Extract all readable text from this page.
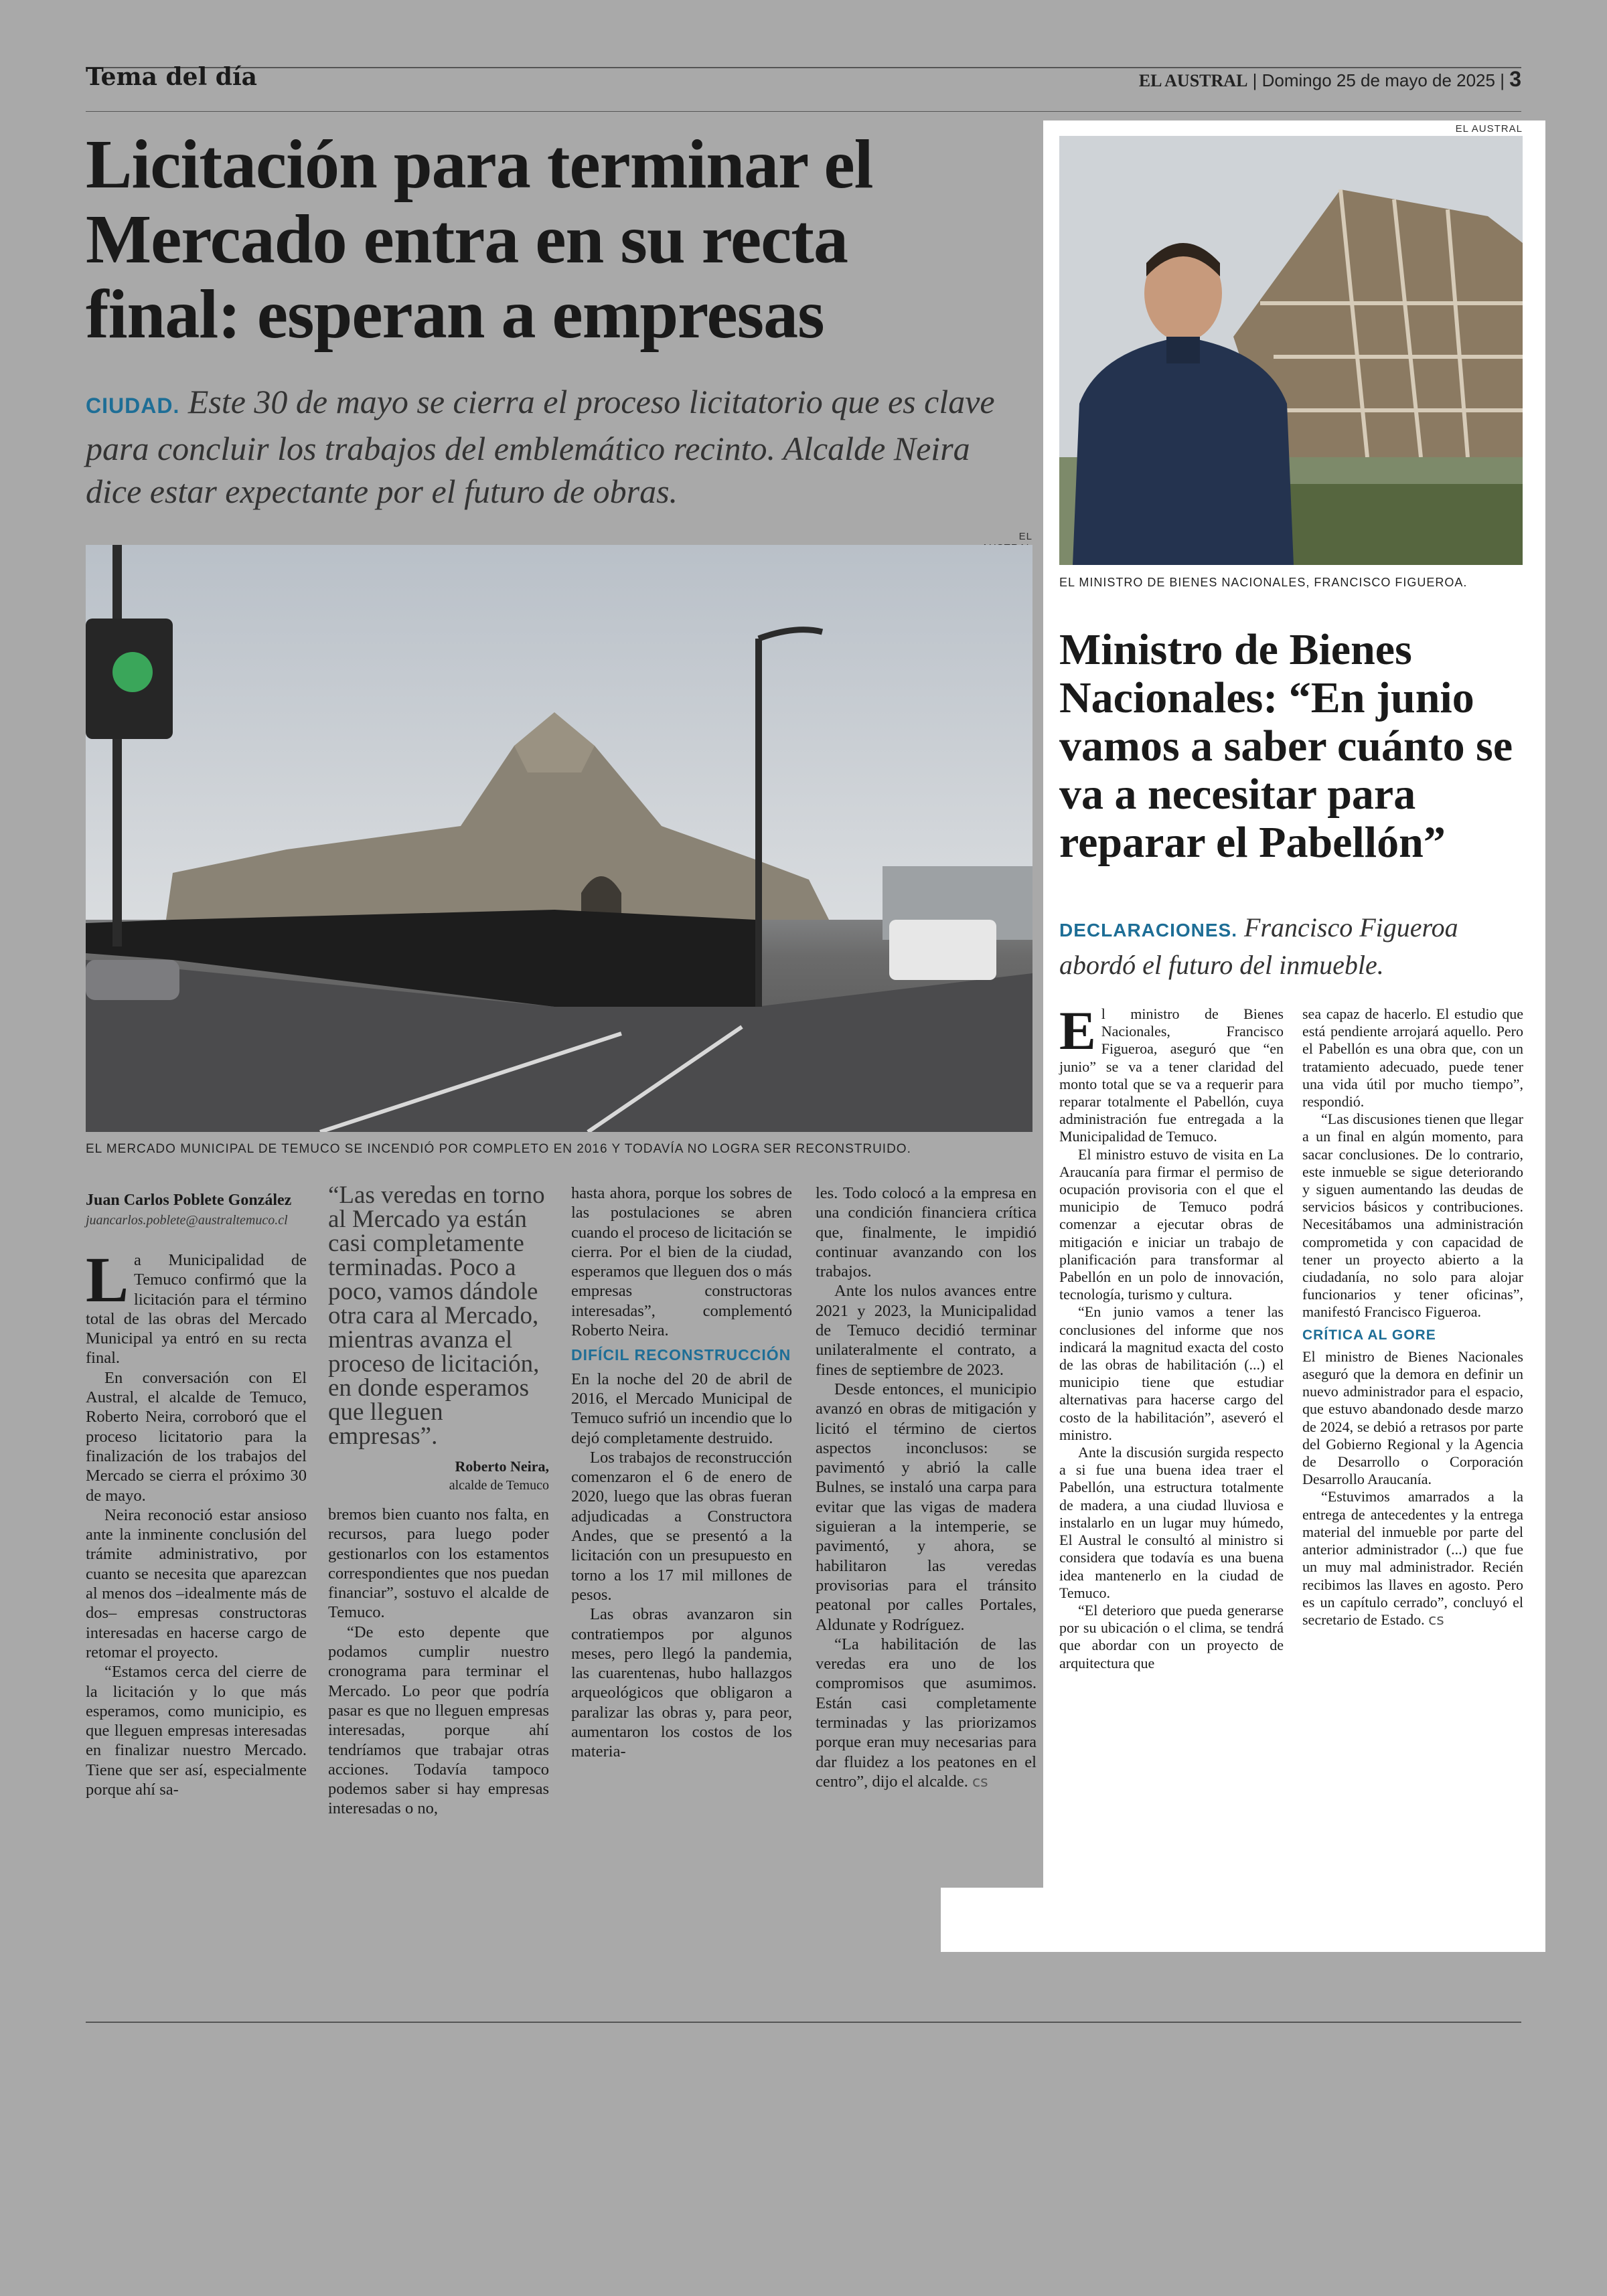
Tema del día	EL AUSTRAL | Domingo 25 de mayo de 2025 | 3
Licitación para terminar el Mercado entra en su recta final: esperan a empresas
CIUDAD. Este 30 de mayo se cierra el proceso licitatorio que es clave para concluir los trabajos del emblemático recinto. Alcalde Neira dice estar expectante por el futuro de obras.
EL
EL MERCADO MUNICIPAL DE TEMUCO SE INCENDIÓ POR COMPLETO EN 2016 Y TODAVÍA NO LOGRA SER RECONSTRUIDO.
Juan Carlos Poblete González
juancarlos.poblete@australtemuco.cl

La Municipalidad de Temuco confirmó que la licitación para el término total de las obras del Mercado Municipal ya entró en su recta final.

En conversación con El Austral, el alcalde de Temuco, Roberto Neira, corroboró que el proceso licitatorio para la finalización de los trabajos del Mercado se cierra el próximo 30 de mayo.

Neira reconoció estar ansioso ante la inminente conclusión del trámite administrativo, por cuanto se necesita que aparezcan al menos dos –idealmente más de dos– empresas constructoras interesadas en hacerse cargo de retomar el proyecto.

“Estamos cerca del cierre de la licitación y lo que más esperamos, como municipio, es que lleguen empresas interesadas en finalizar nuestro Mercado. Tiene que ser así, especialmente porque ahí sa-

“Las veredas en torno al Mercado ya están casi completamente terminadas. Poco a poco, vamos dándole otra cara al Mercado, mientras avanza el proceso de licitación, en donde esperamos que lleguen empresas”.
Roberto Neira,
alcalde de Temuco

bremos bien cuanto nos falta, en recursos, para luego poder gestionarlos con los estamentos correspondientes que nos puedan financiar”, sostuvo el alcalde de Temuco.

“De esto depente que podamos cumplir nuestro cronograma para terminar el Mercado. Lo peor que podría pasar es que no lleguen empresas interesadas, porque ahí tendríamos que trabajar otras acciones. Todavía tampoco podemos saber si hay empresas interesadas o no,

hasta ahora, porque los sobres de las postulaciones se abren cuando el proceso de licitación se cierra. Por el bien de la ciudad, esperamos que lleguen dos o más empresas constructoras interesadas”, complementó Roberto Neira.

DIFÍCIL RECONSTRUCCIÓN

En la noche del 20 de abril de 2016, el Mercado Municipal de Temuco sufrió un incendio que lo dejó completamente destruido.

Los trabajos de reconstrucción comenzaron el 6 de enero de 2020, luego que las obras fueran adjudicadas a Constructora Andes, que se presentó a la licitación con un presupuesto en torno a los 17 mil millones de pesos.

Las obras avanzaron sin contratiempos por algunos meses, pero llegó la pandemia, las cuarentenas, hubo hallazgos arqueológicos que obligaron a paralizar las obras y, para peor, aumentaron los costos de los materia-

les. Todo colocó a la empresa en una condición financiera crítica que, finalmente, le impidió continuar avanzando con los trabajos.

Ante los nulos avances entre 2021 y 2023, la Municipalidad de Temuco decidió terminar unilateralmente el contrato, a fines de septiembre de 2023.

Desde entonces, el municipio avanzó en obras de mitigación y licitó el término de ciertos aspectos inconclusos: se pavimentó y abrió la calle Bulnes, se instaló una carpa para evitar que las vigas de madera siguieran a la intemperie, se pavimentó, y ahora, se habilitaron las veredas provisorias para el tránsito peatonal por calles Portales, Aldunate y Rodríguez.

“La habilitación de las veredas era uno de los compromisos que asumimos. Están casi completamente terminadas y las priorizamos porque eran muy necesarias para dar fluidez a los peatones en el centro”, dijo el alcalde. cs

EL AUSTRAL
EL MINISTRO DE BIENES NACIONALES, FRANCISCO FIGUEROA.
Ministro de Bienes Nacionales: “En junio vamos a saber cuánto se va a necesitar para reparar el Pabellón”
DECLARACIONES. Francisco Figueroa abordó el futuro del inmueble.

El ministro de Bienes Nacionales, Francisco Figueroa, aseguró que “en junio” se va a tener claridad del monto total que se va a requerir para reparar totalmente el Pabellón, cuya administración fue entregada a la Municipalidad de Temuco.

El ministro estuvo de visita en La Araucanía para firmar el permiso de ocupación provisoria con el que el municipio de Temuco podrá comenzar a ejecutar obras de mitigación e iniciar un trabajo de planificación para transformar al Pabellón en un polo de innovación, tecnología, turismo y cultura.

“En junio vamos a tener las conclusiones del informe que nos indicará la magnitud exacta del costo de las obras de habilitación (...) el municipio tiene que estudiar alternativas para hacerse cargo del costo de la habilitación”, aseveró el ministro.

Ante la discusión surgida respecto a si fue una buena idea traer el Pabellón, una estructura totalmente de madera, a una ciudad lluviosa e instalarlo en un lugar muy húmedo, El Austral le consultó al ministro si considera que todavía es una buena idea mantenerlo en la ciudad de Temuco.

“El deterioro que pueda generarse por su ubicación o el clima, se tendrá que abordar con un proyecto de arquitectura que

sea capaz de hacerlo. El estudio que está pendiente arrojará aquello. Pero el Pabellón es una obra que, con un tratamiento adecuado, puede tener una vida útil por mucho tiempo”, respondió.

“Las discusiones tienen que llegar a un final en algún momento, para sacar conclusiones. De lo contrario, este inmueble se sigue deteriorando y siguen aumentando las deudas de servicios básicos y contribuciones. Necesitábamos una administración comprometida y con capacidad de tener un proyecto abierto a la ciudadanía, no solo para alojar funcionarios y tener oficinas”, manifestó Francisco Figueroa.

CRÍTICA AL GORE

El ministro de Bienes Nacionales aseguró que la demora en definir un nuevo administrador para el espacio, que estuvo abandonado desde marzo de 2024, se debió a retrasos por parte del Gobierno Regional y la Agencia de Desarrollo o Corporación Desarrollo Araucanía.

“Estuvimos amarrados a la entrega de antecedentes y la entrega material del inmueble por parte del anterior administrador (...) que fue un muy mal administrador. Recién recibimos las llaves en agosto. Pero es un capítulo cerrado”, concluyó el secretario de Estado. cs
